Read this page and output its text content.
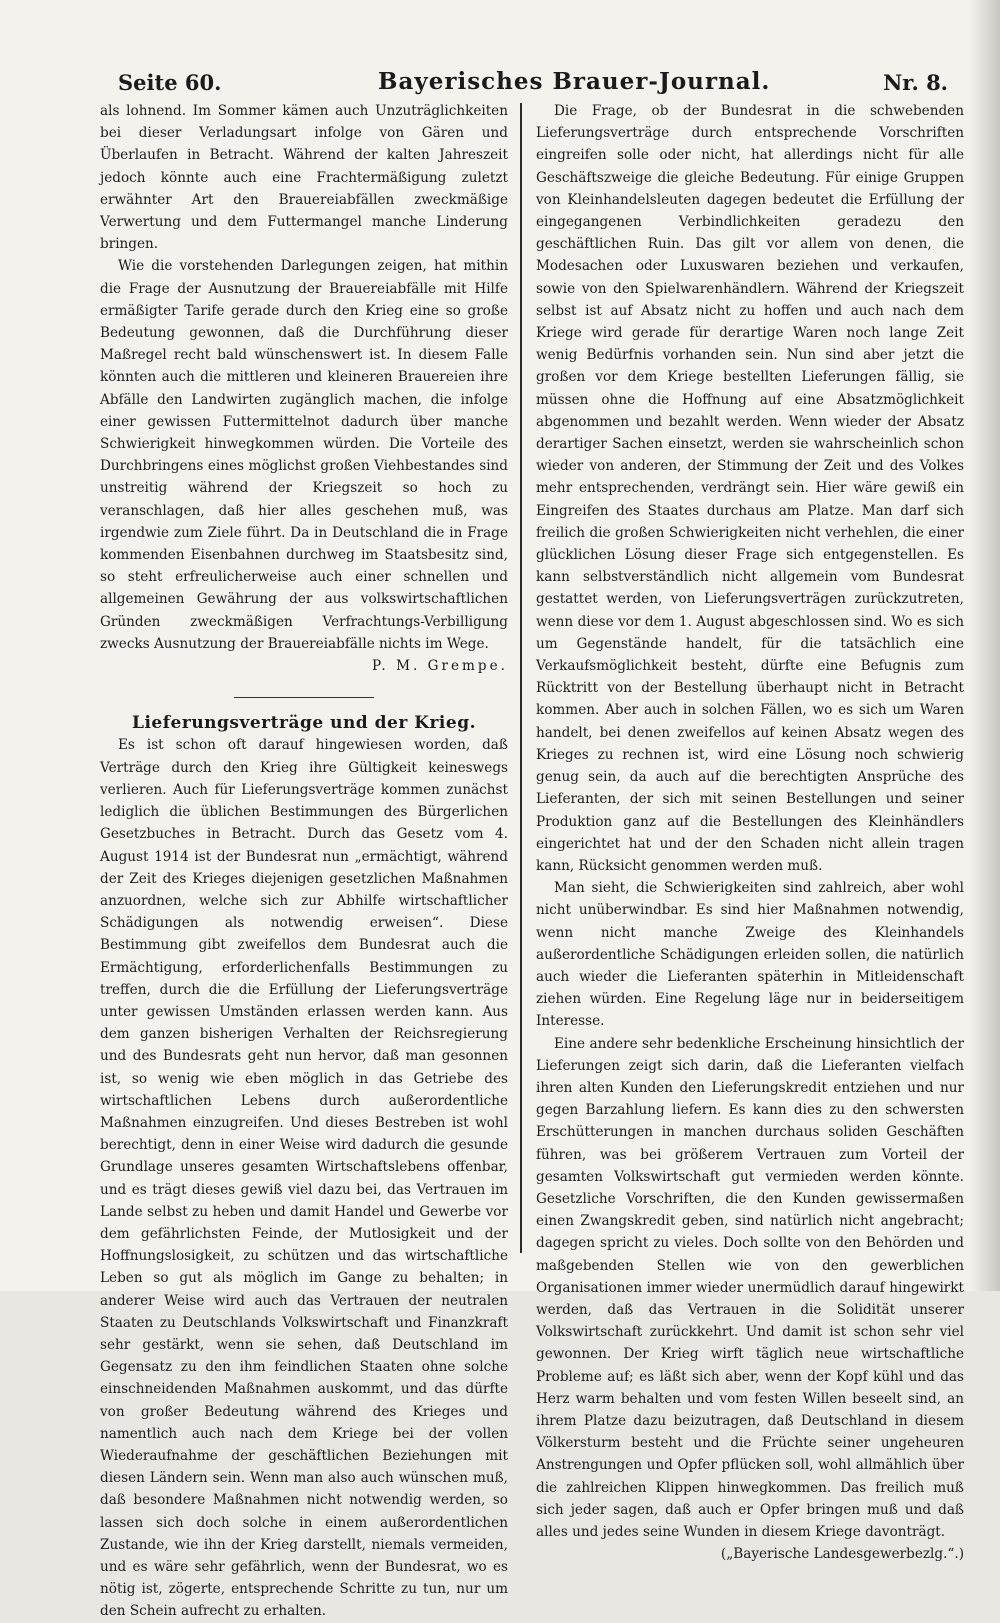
Seite 60.	Bayerisches Brauer-Journal.	Nr. 8.

als lohnend. Im Sommer kämen auch Unzuträglichkeiten bei dieser Verladungsart infolge von Gären und Überlaufen in Betracht. Während der kalten Jahreszeit jedoch könnte auch eine Frachtermäßigung zuletzt erwähnter Art den Brauereiabfällen zweckmäßige Verwertung und dem Futtermangel manche Linderung bringen.

Wie die vorstehenden Darlegungen zeigen, hat mithin die Frage der Ausnutzung der Brauereiabfälle mit Hilfe ermäßigter Tarife gerade durch den Krieg eine so große Bedeutung gewonnen, daß die Durchführung dieser Maßregel recht bald wünschenswert ist. In diesem Falle könnten auch die mittleren und kleineren Brauereien ihre Abfälle den Landwirten zugänglich machen, die infolge einer gewissen Futtermittelnot dadurch über manche Schwierigkeit hinwegkommen würden. Die Vorteile des Durchbringens eines möglichst großen Viehbestandes sind unstreitig während der Kriegszeit so hoch zu veranschlagen, daß hier alles geschehen muß, was irgendwie zum Ziele führt. Da in Deutschland die in Frage kommenden Eisenbahnen durchweg im Staatsbesitz sind, so steht erfreulicherweise auch einer schnellen und allgemeinen Gewährung der aus volkswirtschaftlichen Gründen zweckmäßigen Verfrachtungs-Verbilligung zwecks Ausnutzung der Brauereiabfälle nichts im Wege.

P. M. Grempe.

Lieferungsverträge und der Krieg.

Es ist schon oft darauf hingewiesen worden, daß Verträge durch den Krieg ihre Gültigkeit keineswegs verlieren. Auch für Lieferungsverträge kommen zunächst lediglich die üblichen Bestimmungen des Bürgerlichen Gesetzbuches in Betracht. Durch das Gesetz vom 4. August 1914 ist der Bundesrat nun „ermächtigt, während der Zeit des Krieges diejenigen gesetzlichen Maßnahmen anzuordnen, welche sich zur Abhilfe wirtschaftlicher Schädigungen als notwendig erweisen“. Diese Bestimmung gibt zweifellos dem Bundesrat auch die Ermächtigung, erforderlichenfalls Bestimmungen zu treffen, durch die die Erfüllung der Lieferungsverträge unter gewissen Umständen erlassen werden kann. Aus dem ganzen bisherigen Verhalten der Reichsregierung und des Bundesrats geht nun hervor, daß man gesonnen ist, so wenig wie eben möglich in das Getriebe des wirtschaftlichen Lebens durch außerordentliche Maßnahmen einzugreifen. Und dieses Bestreben ist wohl berechtigt, denn in einer Weise wird dadurch die gesunde Grundlage unseres gesamten Wirtschaftslebens offenbar, und es trägt dieses gewiß viel dazu bei, das Vertrauen im Lande selbst zu heben und damit Handel und Gewerbe vor dem gefährlichsten Feinde, der Mutlosigkeit und der Hoffnungslosigkeit, zu schützen und das wirtschaftliche Leben so gut als möglich im Gange zu behalten; in anderer Weise wird auch das Vertrauen der neutralen Staaten zu Deutschlands Volkswirtschaft und Finanzkraft sehr gestärkt, wenn sie sehen, daß Deutschland im Gegensatz zu den ihm feindlichen Staaten ohne solche einschneidenden Maßnahmen auskommt, und das dürfte von großer Bedeutung während des Krieges und namentlich auch nach dem Kriege bei der vollen Wiederaufnahme der geschäftlichen Beziehungen mit diesen Ländern sein. Wenn man also auch wünschen muß, daß besondere Maßnahmen nicht notwendig werden, so lassen sich doch solche in einem außerordentlichen Zustande, wie ihn der Krieg darstellt, niemals vermeiden, und es wäre sehr gefährlich, wenn der Bundesrat, wo es nötig ist, zögerte, entsprechende Schritte zu tun, nur um den Schein aufrecht zu erhalten.

Die Frage, ob der Bundesrat in die schwebenden Lieferungsverträge durch entsprechende Vorschriften eingreifen solle oder nicht, hat allerdings nicht für alle Geschäftszweige die gleiche Bedeutung. Für einige Gruppen von Kleinhandelsleuten dagegen bedeutet die Erfüllung der eingegangenen Verbindlichkeiten geradezu den geschäftlichen Ruin. Das gilt vor allem von denen, die Modesachen oder Luxuswaren beziehen und verkaufen, sowie von den Spielwarenhändlern. Während der Kriegszeit selbst ist auf Absatz nicht zu hoffen und auch nach dem Kriege wird gerade für derartige Waren noch lange Zeit wenig Bedürfnis vorhanden sein. Nun sind aber jetzt die großen vor dem Kriege bestellten Lieferungen fällig, sie müssen ohne die Hoffnung auf eine Absatzmöglichkeit abgenommen und bezahlt werden. Wenn wieder der Absatz derartiger Sachen einsetzt, werden sie wahrscheinlich schon wieder von anderen, der Stimmung der Zeit und des Volkes mehr entsprechenden, verdrängt sein. Hier wäre gewiß ein Eingreifen des Staates durchaus am Platze. Man darf sich freilich die großen Schwierigkeiten nicht verhehlen, die einer glücklichen Lösung dieser Frage sich entgegenstellen. Es kann selbstverständlich nicht allgemein vom Bundesrat gestattet werden, von Lieferungsverträgen zurückzutreten, wenn diese vor dem 1. August abgeschlossen sind. Wo es sich um Gegenstände handelt, für die tatsächlich eine Verkaufsmöglichkeit besteht, dürfte eine Befugnis zum Rücktritt von der Bestellung überhaupt nicht in Betracht kommen. Aber auch in solchen Fällen, wo es sich um Waren handelt, bei denen zweifellos auf keinen Absatz wegen des Krieges zu rechnen ist, wird eine Lösung noch schwierig genug sein, da auch auf die berechtigten Ansprüche des Lieferanten, der sich mit seinen Bestellungen und seiner Produktion ganz auf die Bestellungen des Kleinhändlers eingerichtet hat und der den Schaden nicht allein tragen kann, Rücksicht genommen werden muß.

Man sieht, die Schwierigkeiten sind zahlreich, aber wohl nicht unüberwindbar. Es sind hier Maßnahmen notwendig, wenn nicht manche Zweige des Kleinhandels außerordentliche Schädigungen erleiden sollen, die natürlich auch wieder die Lieferanten späterhin in Mitleidenschaft ziehen würden. Eine Regelung läge nur in beiderseitigem Interesse.

Eine andere sehr bedenkliche Erscheinung hinsichtlich der Lieferungen zeigt sich darin, daß die Lieferanten vielfach ihren alten Kunden den Lieferungskredit entziehen und nur gegen Barzahlung liefern. Es kann dies zu den schwersten Erschütterungen in manchen durchaus soliden Geschäften führen, was bei größerem Vertrauen zum Vorteil der gesamten Volkswirtschaft gut vermieden werden könnte. Gesetzliche Vorschriften, die den Kunden gewissermaßen einen Zwangskredit geben, sind natürlich nicht angebracht; dagegen spricht zu vieles. Doch sollte von den Behörden und maßgebenden Stellen wie von den gewerblichen Organisationen immer wieder unermüdlich darauf hingewirkt werden, daß das Vertrauen in die Solidität unserer Volkswirtschaft zurückkehrt. Und damit ist schon sehr viel gewonnen. Der Krieg wirft täglich neue wirtschaftliche Probleme auf; es läßt sich aber, wenn der Kopf kühl und das Herz warm behalten und vom festen Willen beseelt sind, an ihrem Platze dazu beizutragen, daß Deutschland in diesem Völkersturm besteht und die Früchte seiner ungeheuren Anstrengungen und Opfer pflücken soll, wohl allmählich über die zahlreichen Klippen hinwegkommen. Das freilich muß sich jeder sagen, daß auch er Opfer bringen muß und daß alles und jedes seine Wunden in diesem Kriege davonträgt.

(„Bayerische Landesgewerbezlg.“.)
